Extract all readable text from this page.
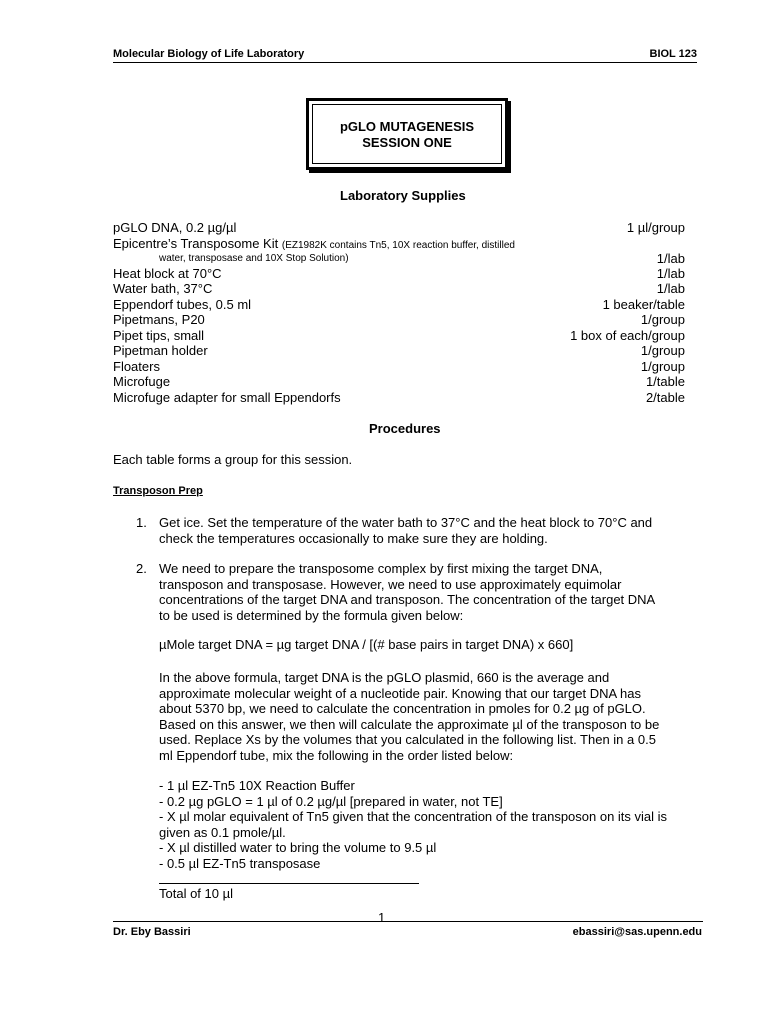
Molecular Biology of Life Laboratory	BIOL 123
pGLO MUTAGENESIS
SESSION ONE
Laboratory Supplies
pGLO DNA, 0.2 µg/µl	1 µl/group
Epicentre’s Transposome Kit (EZ1982K contains Tn5, 10X reaction buffer, distilled
water, transposase and 10X Stop Solution)	1/lab
Heat block at 70°C	1/lab
Water bath, 37°C	1/lab
Eppendorf tubes, 0.5 ml	1 beaker/table
Pipetmans, P20	1/group
Pipet tips, small	1 box of each/group
Pipetman holder	1/group
Floaters	1/group
Microfuge	1/table
Microfuge adapter for small Eppendorfs	2/table
Procedures
Each table forms a group for this session.
Transposon Prep
1. Get ice. Set the temperature of the water bath to 37°C and the heat block to 70°C and
check the temperatures occasionally to make sure they are holding.
2. We need to prepare the transposome complex by first mixing the target DNA,
transposon and transposase. However, we need to use approximately equimolar
concentrations of the target DNA and transposon. The concentration of the target DNA
to be used is determined by the formula given below:
µMole target DNA = µg target DNA / [(# base pairs in target DNA) x 660]
In the above formula, target DNA is the pGLO plasmid, 660 is the average and
approximate molecular weight of a nucleotide pair. Knowing that our target DNA has
about 5370 bp, we need to calculate the concentration in pmoles for 0.2 µg of pGLO.
Based on this answer, we then will calculate the approximate µl of the transposon to be
used. Replace Xs by the volumes that you calculated in the following list. Then in a 0.5
ml Eppendorf tube, mix the following in the order listed below:
- 1 µl EZ-Tn5 10X Reaction Buffer
- 0.2 µg pGLO = 1 µl of 0.2 µg/µl [prepared in water, not TE]
- X µl molar equivalent of Tn5 given that the concentration of the transposon on its vial is
given as 0.1 pmole/µl.
- X µl distilled water to bring the volume to 9.5 µl
- 0.5 µl EZ-Tn5 transposase
Total of 10 µl
1
Dr. Eby Bassiri	ebassiri@sas.upenn.edu
